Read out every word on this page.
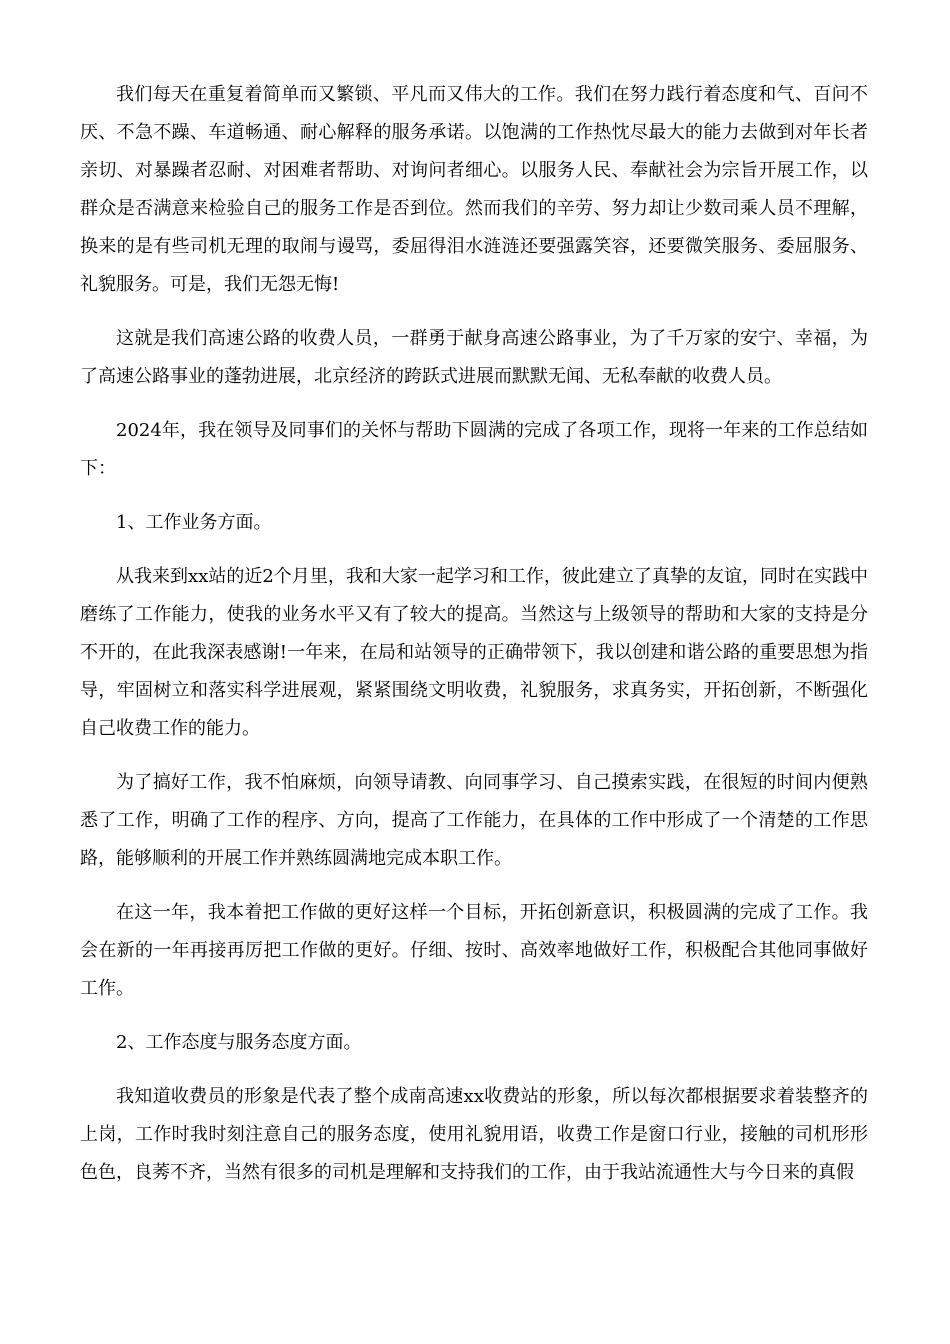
我们每天在重复着简单而又繁锁、平凡而又伟大的工作。我们在努力践行着态度和气、百问不厌、不急不躁、车道畅通、耐心解释的服务承诺。以饱满的工作热忱尽最大的能力去做到对年长者亲切、对暴躁者忍耐、对困难者帮助、对询问者细心。以服务人民、奉献社会为宗旨开展工作，以群众是否满意来检验自己的服务工作是否到位。然而我们的辛劳、努力却让少数司乘人员不理解，换来的是有些司机无理的取闹与谩骂，委屈得泪水涟涟还要强露笑容，还要微笑服务、委屈服务、礼貌服务。可是，我们无怨无悔!

这就是我们高速公路的收费人员，一群勇于献身高速公路事业，为了千万家的安宁、幸福，为了高速公路事业的蓬勃进展，北京经济的跨跃式进展而默默无闻、无私奉献的收费人员。

2024年，我在领导及同事们的关怀与帮助下圆满的完成了各项工作，现将一年来的工作总结如下：

1、工作业务方面。

从我来到xx站的近2个月里，我和大家一起学习和工作，彼此建立了真挚的友谊，同时在实践中磨练了工作能力，使我的业务水平又有了较大的提高。当然这与上级领导的帮助和大家的支持是分不开的，在此我深表感谢!一年来，在局和站领导的正确带领下，我以创建和谐公路的重要思想为指导，牢固树立和落实科学进展观，紧紧围绕文明收费，礼貌服务，求真务实，开拓创新，不断强化自己收费工作的能力。

为了搞好工作，我不怕麻烦，向领导请教、向同事学习、自己摸索实践，在很短的时间内便熟悉了工作，明确了工作的程序、方向，提高了工作能力，在具体的工作中形成了一个清楚的工作思路，能够顺利的开展工作并熟练圆满地完成本职工作。

在这一年，我本着把工作做的更好这样一个目标，开拓创新意识，积极圆满的完成了工作。我会在新的一年再接再厉把工作做的更好。仔细、按时、高效率地做好工作，积极配合其他同事做好工作。

2、工作态度与服务态度方面。

我知道收费员的形象是代表了整个成南高速xx收费站的形象，所以每次都根据要求着装整齐的上岗，工作时我时刻注意自己的服务态度，使用礼貌用语，收费工作是窗口行业，接触的司机形形色色，良莠不齐，当然有很多的司机是理解和支持我们的工作，由于我站流通性大与今日来的真假
